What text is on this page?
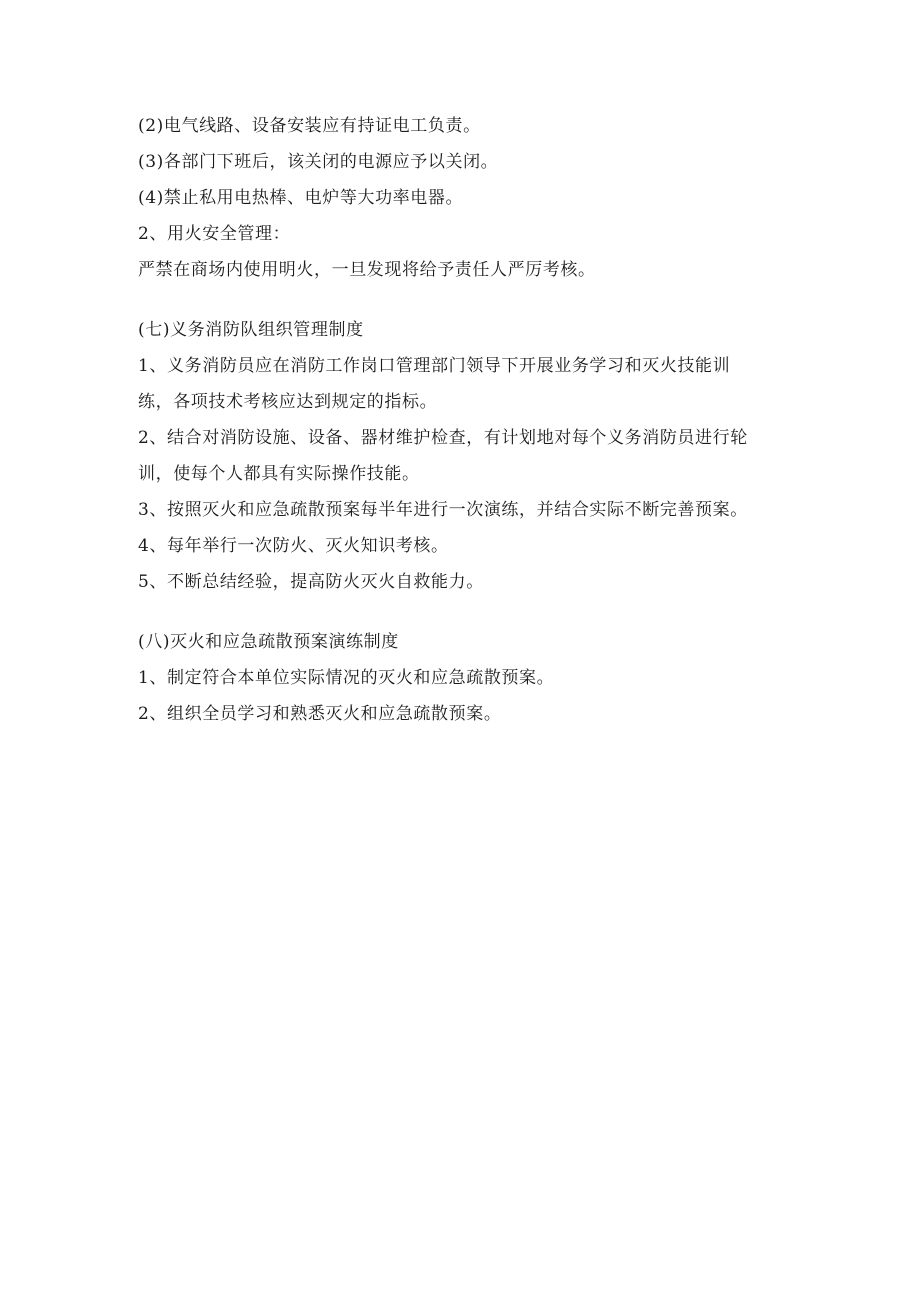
(2)电气线路、设备安装应有持证电工负责。
(3)各部门下班后，该关闭的电源应予以关闭。
(4)禁止私用电热棒、电炉等大功率电器。
2、用火安全管理：
严禁在商场内使用明火，一旦发现将给予责任人严厉考核。
(七)义务消防队组织管理制度
1、义务消防员应在消防工作岗口管理部门领导下开展业务学习和灭火技能训
练，各项技术考核应达到规定的指标。
2、结合对消防设施、设备、器材维护检查，有计划地对每个义务消防员进行轮
训，使每个人都具有实际操作技能。
3、按照灭火和应急疏散预案每半年进行一次演练，并结合实际不断完善预案。
4、每年举行一次防火、灭火知识考核。
5、不断总结经验，提高防火灭火自救能力。
(八)灭火和应急疏散预案演练制度
1、制定符合本单位实际情况的灭火和应急疏散预案。
2、组织全员学习和熟悉灭火和应急疏散预案。
